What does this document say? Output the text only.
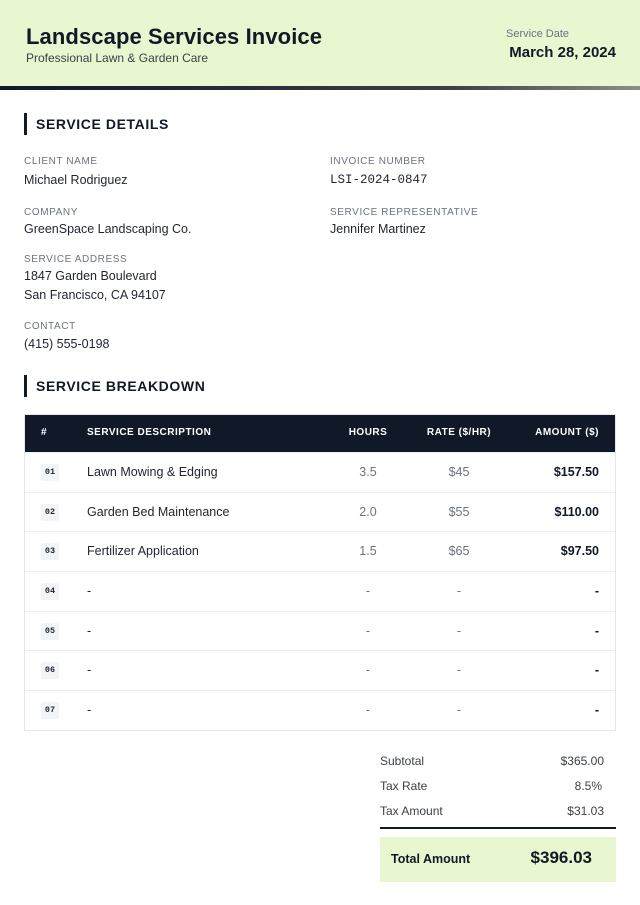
Landscape Services Invoice
Professional Lawn & Garden Care
Service Date
March 28, 2024
SERVICE DETAILS
CLIENT NAME
Michael Rodriguez
INVOICE NUMBER
LSI-2024-0847
COMPANY
GreenSpace Landscaping Co.
SERVICE REPRESENTATIVE
Jennifer Martinez
SERVICE ADDRESS
1847 Garden Boulevard
San Francisco, CA 94107
CONTACT
(415) 555-0198
SERVICE BREAKDOWN
#	SERVICE DESCRIPTION	HOURS	RATE ($/HR)	AMOUNT ($)
01	Lawn Mowing & Edging	3.5	$45	$157.50
02	Garden Bed Maintenance	2.0	$55	$110.00
03	Fertilizer Application	1.5	$65	$97.50
04	-	-	-	-
05	-	-	-	-
06	-	-	-	-
07	-	-	-	-
Subtotal	$365.00
Tax Rate	8.5%
Tax Amount	$31.03
Total Amount	$396.03
